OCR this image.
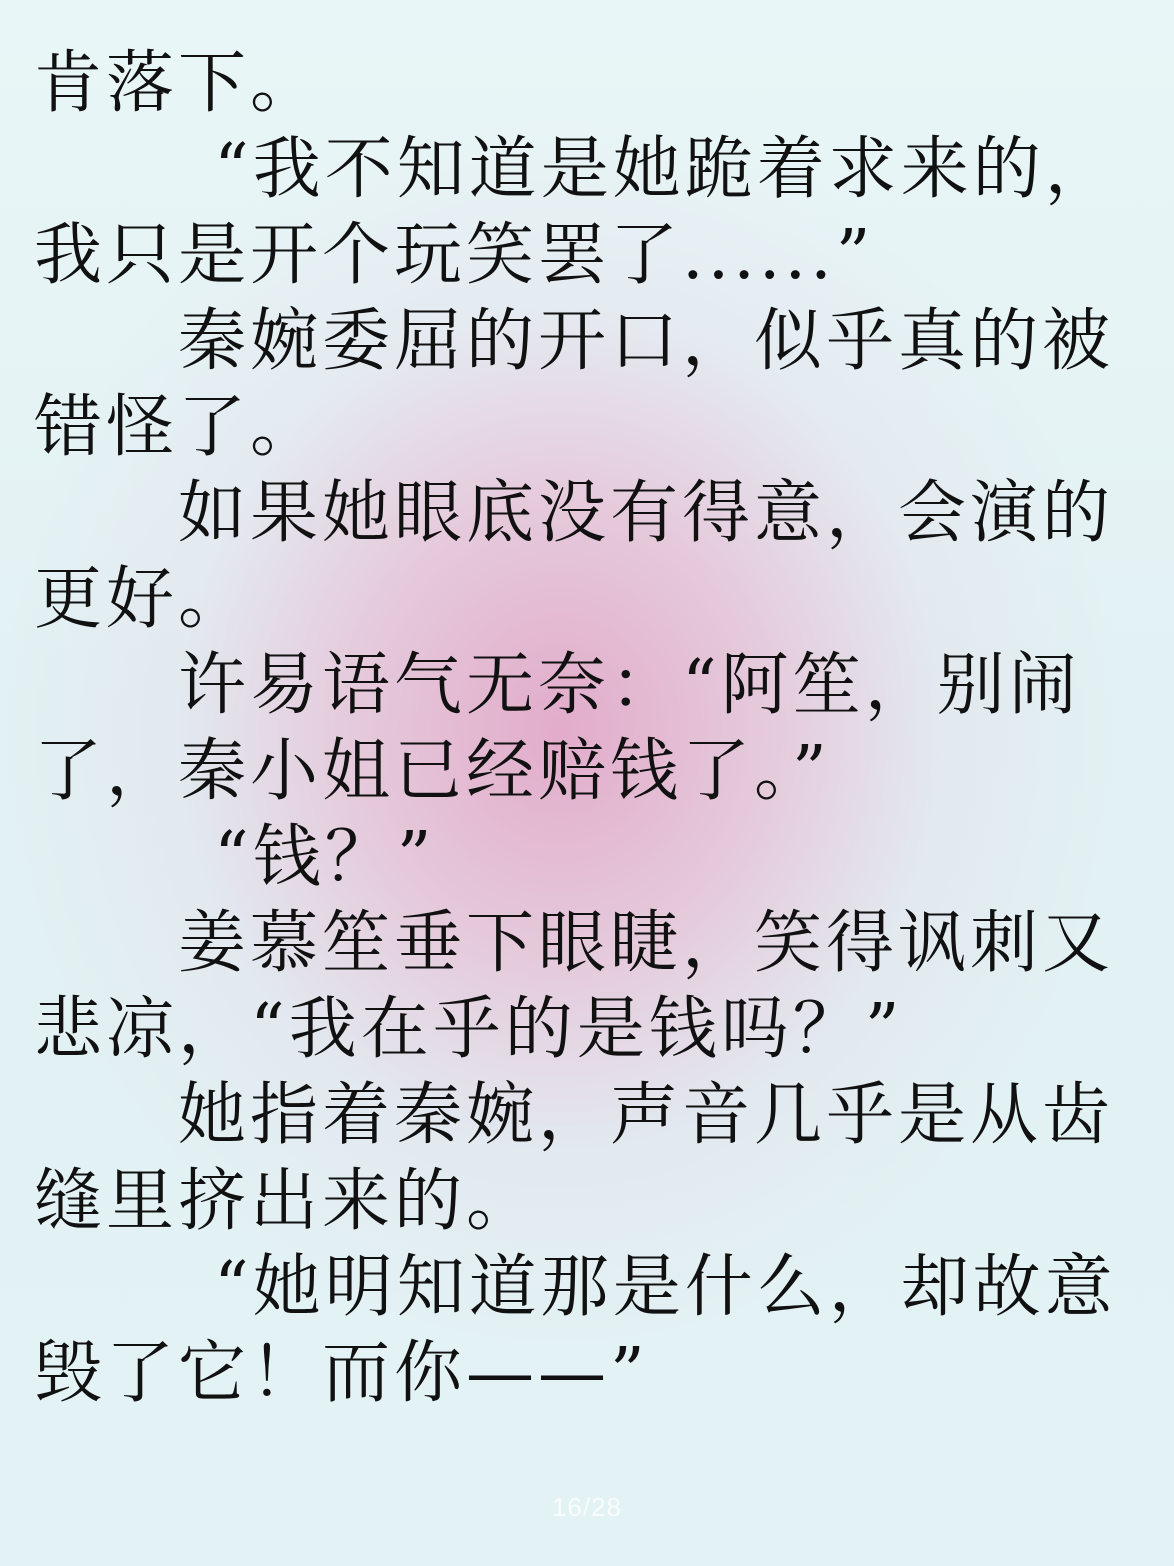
肯落下。
“我不知道是她跪着求来的，
我只是开个玩笑罢了......”
秦婉委屈的开口，似乎真的被
错怪了。
如果她眼底没有得意，会演的
更好。
许易语气无奈：“阿笙，别闹
了，秦小姐已经赔钱了。”
“钱？”
姜慕笙垂下眼睫，笑得讽刺又
悲凉，“我在乎的是钱吗？”
她指着秦婉，声音几乎是从齿
缝里挤出来的。
“她明知道那是什么，却故意
毁了它！而你——”
16/28
